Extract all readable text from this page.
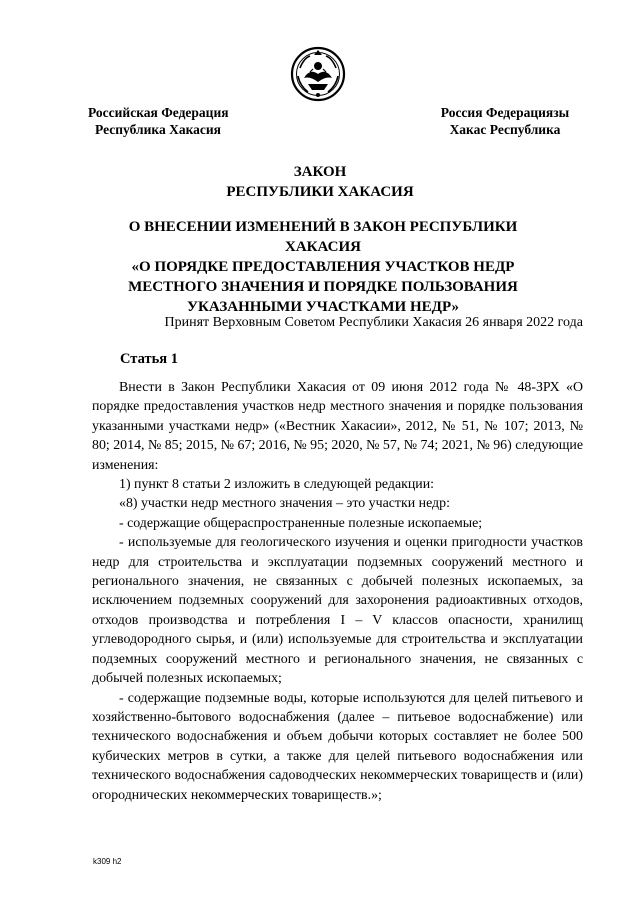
Российская Федерация
Республика Хакасия
Россия Федерациязы
Хакас Республика
ЗАКОН
РЕСПУБЛИКИ ХАКАСИЯ
О ВНЕСЕНИИ ИЗМЕНЕНИЙ В ЗАКОН РЕСПУБЛИКИ ХАКАСИЯ
«О ПОРЯДКЕ ПРЕДОСТАВЛЕНИЯ УЧАСТКОВ НЕДР
МЕСТНОГО ЗНАЧЕНИЯ И ПОРЯДКЕ ПОЛЬЗОВАНИЯ
УКАЗАННЫМИ УЧАСТКАМИ НЕДР»
Принят Верховным Советом Республики Хакасия 26 января 2022 года
Статья 1

Внести в Закон Республики Хакасия от 09 июня 2012 года № 48-ЗРХ «О порядке предоставления участков недр местного значения и порядке пользования указанными участками недр» («Вестник Хакасии», 2012, № 51, № 107; 2013, № 80; 2014, № 85; 2015, № 67; 2016, № 95; 2020, № 57, № 74; 2021, № 96) следующие изменения:

1) пункт 8 статьи 2 изложить в следующей редакции:

«8) участки недр местного значения – это участки недр:

- содержащие общераспространенные полезные ископаемые;

- используемые для геологического изучения и оценки пригодности участков недр для строительства и эксплуатации подземных сооружений местного и регионального значения, не связанных с добычей полезных ископаемых, за исключением подземных сооружений для захоронения радиоактивных отходов, отходов производства и потребления I – V классов опасности, хранилищ углеводородного сырья, и (или) используемые для строительства и эксплуатации подземных сооружений местного и регионального значения, не связанных с добычей полезных ископаемых;

- содержащие подземные воды, которые используются для целей питьевого и хозяйственно-бытового водоснабжения (далее – питьевое водоснабжение) или технического водоснабжения и объем добычи которых составляет не более 500 кубических метров в сутки, а также для целей питьевого водоснабжения или технического водоснабжения садоводческих некоммерческих товариществ и (или) огороднических некоммерческих товариществ.»;

k309 h2
